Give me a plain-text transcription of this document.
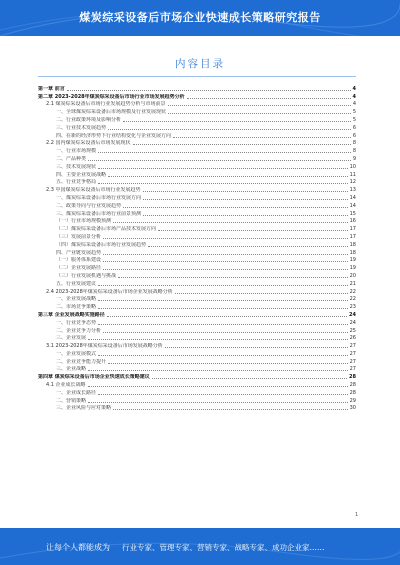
煤炭综采设备后市场企业快速成长策略研究报告
内容目录
第一章 前言	4
第二章 2023-2028年煤炭综采设备后市场行业市场发展趋势分析	4
2.1 煤炭综采设备后市场行业发展趋势分析与市场前景	4
一、全球煤炭综采设备后市场规模及行业发展现状	5
二、行业政策环境及影响分析	5
三、行业技术发展趋势	6
四、在新的经济形势下行业结构变化与企业发展方向	6
2.2 国内煤炭综采设备后市场发展现状	8
一、行业市场规模	8
二、产品种类	9
三、技术发展现状	10
四、主要企业发展战略	11
五、行业竞争格局	12
2.3 中国煤炭综采设备后市场行业发展趋势	13
一、煤炭综采设备后市场行业发展方向	14
二、政策导向与行业发展趋势	14
三、煤炭综采设备后市场行业前景预测	15
（一）行业市场规模预测	16
（二）煤炭综采设备后市场产品技术发展方向	17
（三）发展前景分析	17
（四）煤炭综采设备后市场行业发展趋势	18
四、产业链发展趋势	18
（一）服务体系建设	19
（二）企业发展路径	19
（三）行业发展机遇与挑战	20
五、行业发展建议	21
2.4 2023-2028年煤炭综采设备后市场企业发展战略分析	22
一、企业发展战略	22
二、市场竞争策略	23
第三章 企业发展战略实施路径	24
一、行业竞争态势	24
二、企业竞争力分析	25
三、企业发展	26
3.1 2023-2028年煤炭综采设备后市场发展战略分析	27
一、企业发展模式	27
二、企业竞争能力提升	27
三、企业战略	27
第四章 煤炭综采设备后市场企业快速成长策略建议	28
4.1 企业成长战略	28
一、企业成长路径	28
二、营销策略	29
三、企业风险与应对策略	30
1
让每个人都能成为 行业专家、管理专家、营销专家、战略专家、成功企业家……
